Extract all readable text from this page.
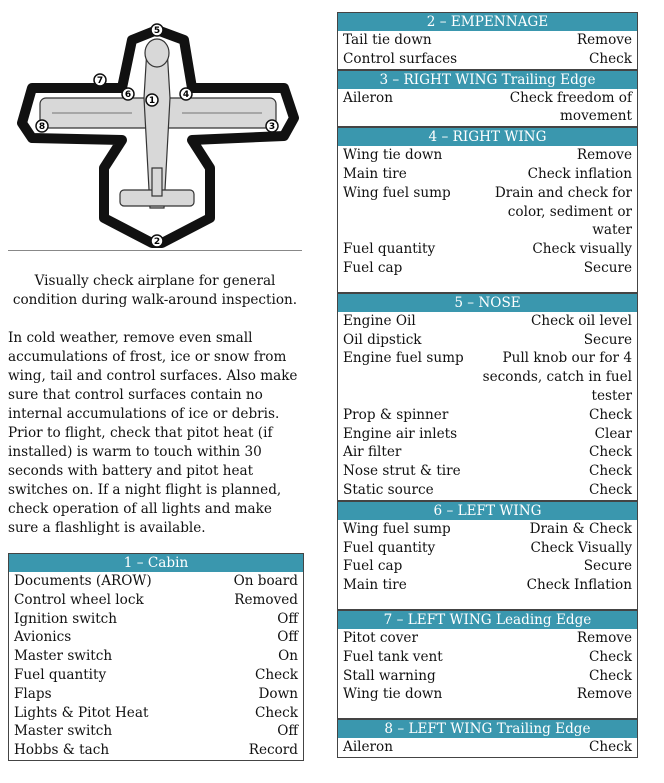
5
7
6
1
4
8	3
2
Visually check airplane for general condition during walk-around inspection.
In cold weather, remove even small accumulations of frost, ice or snow from wing, tail and control surfaces. Also make sure that control surfaces contain no internal accumulations of ice or debris. Prior to flight, check that pitot heat (if installed) is warm to touch within 30 seconds with battery and pitot heat switches on. If a night flight is planned, check operation of all lights and make sure a flashlight is available.
1 – Cabin
Documents (AROW)	On board
Control wheel lock	Removed
Ignition switch	Off
Avionics	Off
Master switch	On
Fuel quantity	Check
Flaps	Down
Lights & Pitot Heat	Check
Master switch	Off
Hobbs & tach	Record
2 – EMPENNAGE
Tail tie down	Remove
Control surfaces	Check
3 – RIGHT WING Trailing Edge
Aileron	Check freedom of movement
4 – RIGHT WING
Wing tie down	Remove
Main tire	Check inflation
Wing fuel sump	Drain and check for color, sediment or water
Fuel quantity	Check visually
Fuel cap	Secure
5 – NOSE
Engine Oil	Check oil level
Oil dipstick	Secure
Engine fuel sump	Pull knob our for 4 seconds, catch in fuel tester
Prop & spinner	Check
Engine air inlets	Clear
Air filter	Check
Nose strut & tire	Check
Static source	Check
6 – LEFT WING
Wing fuel sump	Drain & Check
Fuel quantity	Check Visually
Fuel cap	Secure
Main tire	Check Inflation
7 – LEFT WING Leading Edge
Pitot cover	Remove
Fuel tank vent	Check
Stall warning	Check
Wing tie down	Remove
8 – LEFT WING Trailing Edge
Aileron	Check
